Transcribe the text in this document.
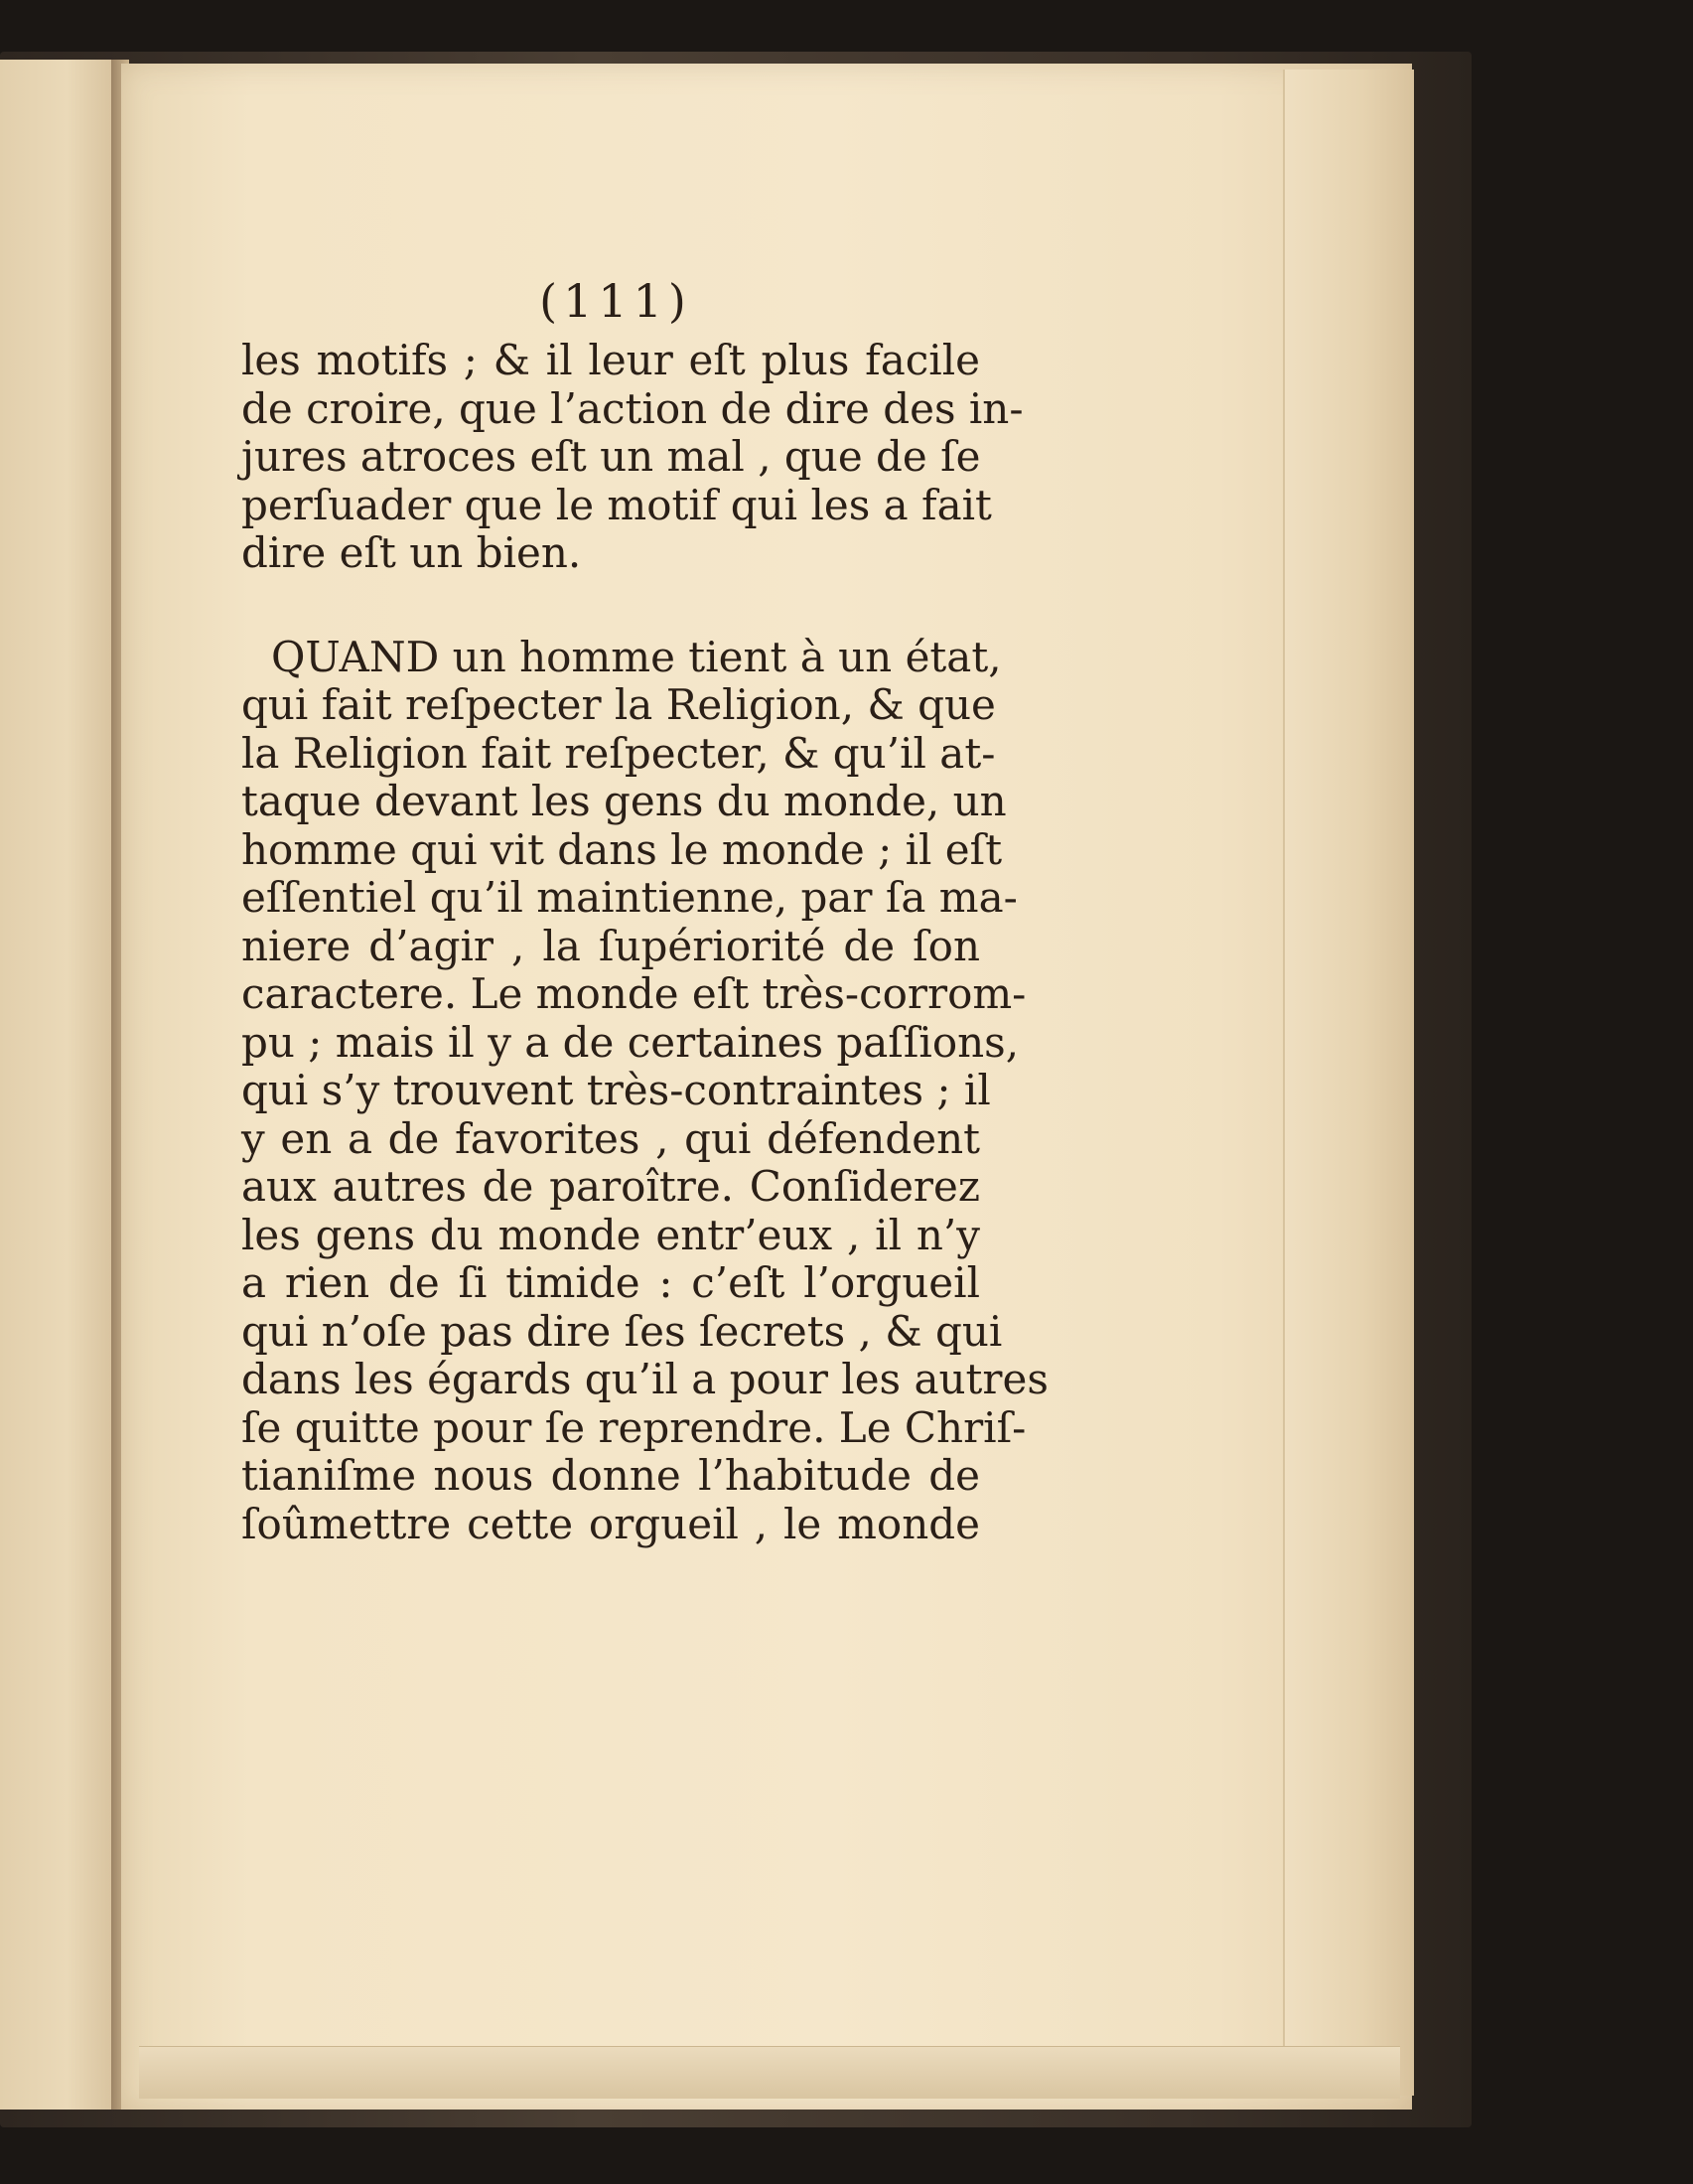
(111)
les motifs ; & il leur eſt plus facile
de croire, que l’action de dire des in-
jures atroces eſt un mal , que de ſe
perſuader que le motif qui les a fait
dire eſt un bien.
QUAND un homme tient à un état,
qui fait reſpecter la Religion, & que
la Religion fait reſpecter, & qu’il at-
taque devant les gens du monde, un
homme qui vit dans le monde ; il eſt
eſſentiel qu’il maintienne, par ſa ma-
niere d’agir , la ſupériorité de ſon
caractere. Le monde eſt très-corrom-
pu ; mais il y a de certaines paſſions,
qui s’y trouvent très-contraintes ; il
y en a de favorites , qui défendent
aux autres de paroître. Conſiderez
les gens du monde entr’eux , il n’y
a rien de ſi timide : c’eſt l’orgueil
qui n’oſe pas dire ſes ſecrets , & qui
dans les égards qu’il a pour les autres
ſe quitte pour ſe reprendre. Le Chriſ-
tianiſme nous donne l’habitude de
ſoûmettre cette orgueil , le monde
